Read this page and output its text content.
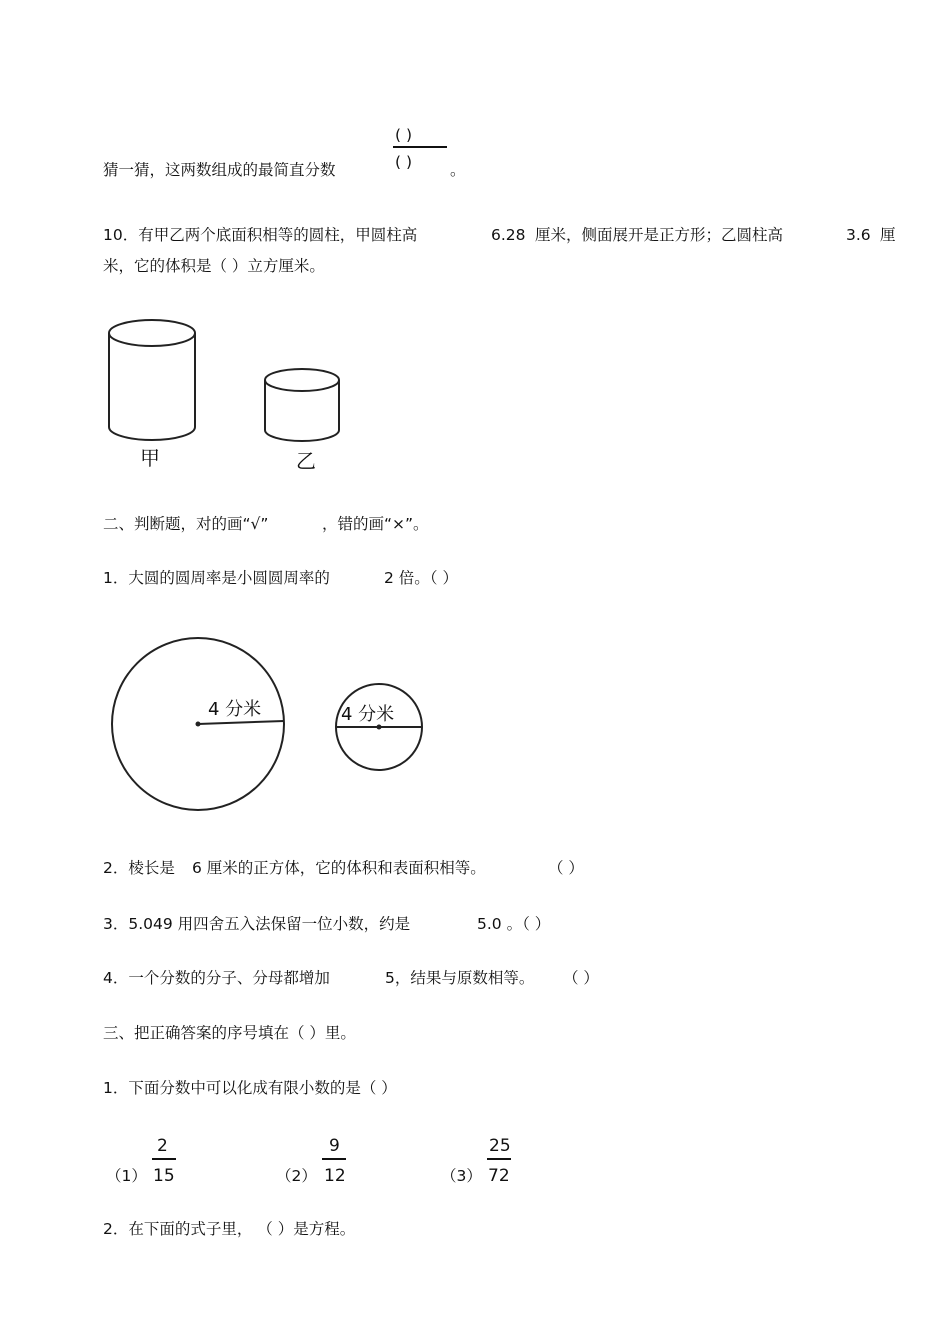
( )
( )
猜一猜，这两数组成的最简直分数	。
10．有甲乙两个底面积相等的圆柱，甲圆柱高	6.28 厘米，侧面展开是正方形；乙圆柱高	3.6 厘
米，它的体积是（ ）立方厘米。
甲	乙
二、判断题，对的画“√”	，错的画“×”。
1．大圆的圆周率是小圆圆周率的	2 倍。（ ）
4 分米	4 分米
2．棱长是 6 厘米的正方体，它的体积和表面积相等。	（ ）
3．5.049 用四舍五入法保留一位小数，约是	5.0 。（ ）
4．一个分数的分子、分母都增加	5，结果与原数相等。 （ ）
三、把正确答案的序号填在（ ）里。
1．下面分数中可以化成有限小数的是（ ）
（1）
2
15	（2）
9
12	（3）
25
72
2．在下面的式子里， （ ）是方程。
